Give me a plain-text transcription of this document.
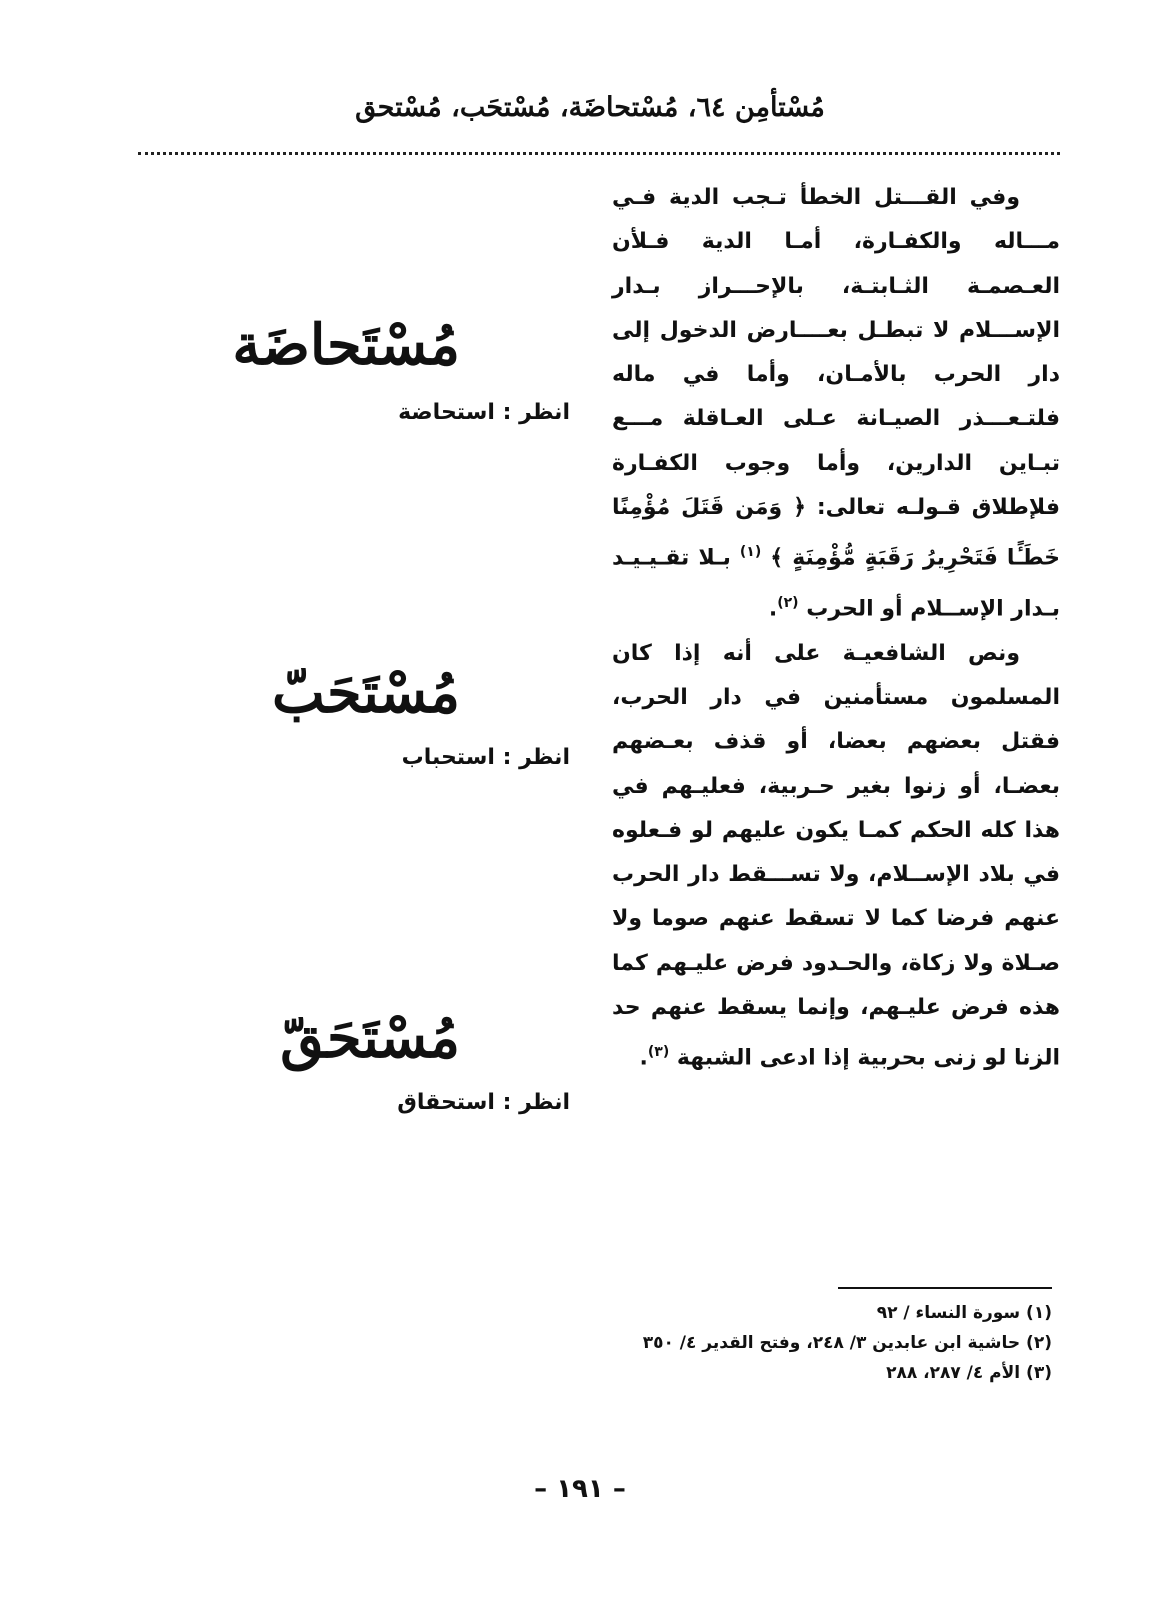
مُسْتأمِن ٦٤، مُسْتحاضَة، مُسْتحَب، مُسْتحق

وفي القـــتل الخطأ تـجب الدية فـي مـــاله والكفـارة، أمـا الدية فـلأن العـصمـة الثـابتـة، بالإحـــراز بـدار الإســـلام لا تبطـل بعــــارض الدخول إلى دار الحرب بالأمـان، وأما في ماله فلتـعـــذر الصيـانة عـلى العـاقلة مـــع تبـاين الدارين، وأما وجوب الكفـارة فلإطلاق قـولـه تعالى: ﴿ وَمَن قَتَلَ مُؤْمِنًا خَطَـًٔا فَتَحْرِيرُ رَقَبَةٍ مُّؤْمِنَةٍ ﴾ $^{(١)}$ بـلا تقـيـيـد بـدار الإســلام أو الحرب $^{(٢)}$.

ونص الشافعيـة على أنه إذا كان المسلمون مستأمنين في دار الحرب، فقتل بعضهم بعضا، أو قذف بعـضهم بعضـا، أو زنوا بغير حـربية، فعليـهم في هذا كله الحكم كمـا يكون عليهم لو فـعلوه في بلاد الإســلام، ولا تســـقط دار الحرب عنهم فرضا كما لا تسقط عنهم صوما ولا صـلاة ولا زكاة، والحـدود فرض عليـهم كما هذه فرض عليـهم، وإنما يسقط عنهم حد الزنا لو زنى بحربية إذا ادعى الشبهة $^{(٣)}$.

مُسْتَحاضَة
انظر : استحاضة
مُسْتَحَبّ
انظر : استحباب
مُسْتَحَقّ
انظر : استحقاق
(١) سورة النساء / ٩٢
(٢) حاشية ابن عابدين ٣/ ٢٤٨، وفتح القدير ٤/ ٣٥٠
(٣) الأم ٤/ ٢٨٧، ٢٨٨
– ١٩١ –
